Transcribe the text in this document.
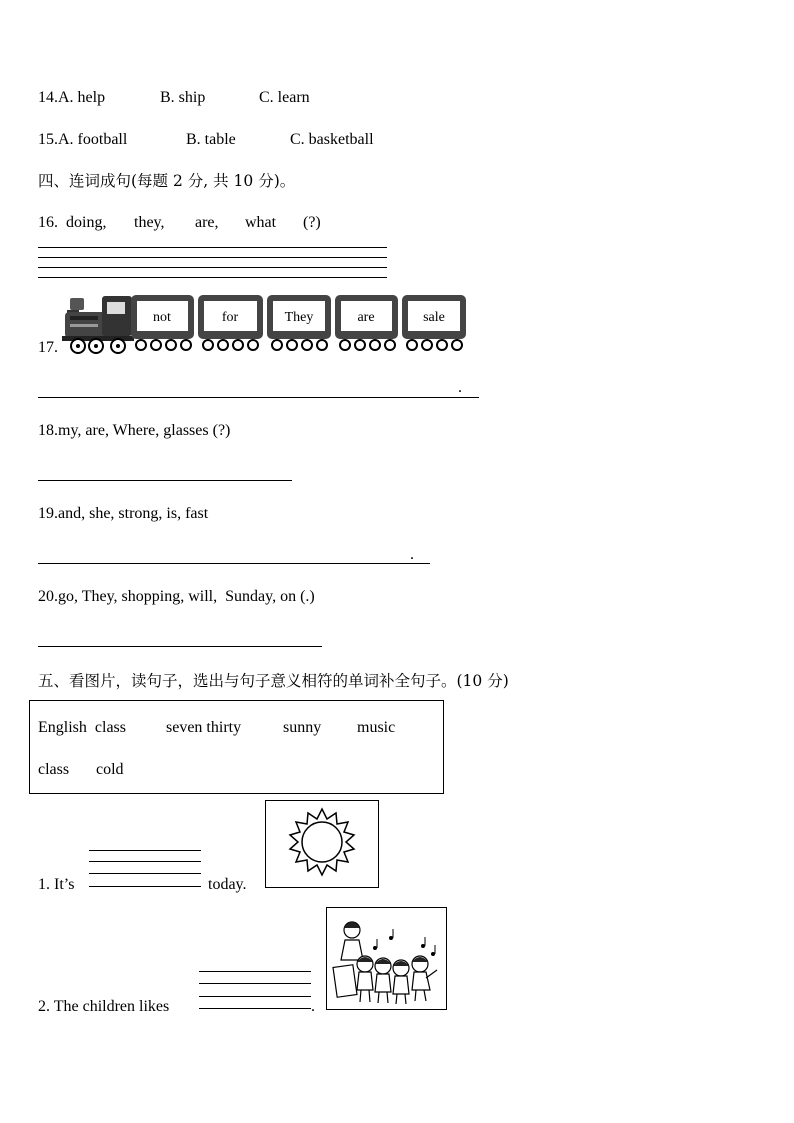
14.A. help	B. ship	C. learn
15.A. football	B. table	C. basketball
四、连词成句(每题 2 分, 共 10 分)。
16. doing, they, are, what (?)
17.
not	for	They	are	sale
.
18.my, are, Where, glasses (?)
19.and, she, strong, is, fast
.
20.go, They, shopping, will,  Sunday, on (.)
五、看图片，读句子，选出与句子意义相符的单词补全句子。(10 分)
English  class	seven thirty	sunny music
class cold
1. It’s	today.
2. The children likes	.
